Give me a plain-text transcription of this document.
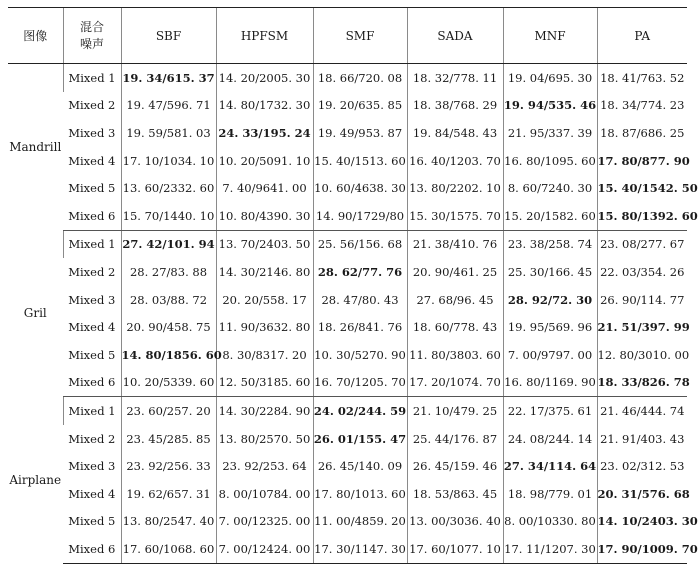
图像	混合
噪声	SBF	HPFSM	SMF	SADA	MNF	PA
Mandrill	Mixed 1	19. 34/615. 37	14. 20/2005. 30	18. 66/720. 08	18. 32/778. 11	19. 04/695. 30	18. 41/763. 52
	Mixed 2	19. 47/596. 71	14. 80/1732. 30	19. 20/635. 85	18. 38/768. 29	19. 94/535. 46	18. 34/774. 23
	Mixed 3	19. 59/581. 03	24. 33/195. 24	19. 49/953. 87	19. 84/548. 43	21. 95/337. 39	18. 87/686. 25
	Mixed 4	17. 10/1034. 10	10. 20/5091. 10	15. 40/1513. 60	16. 40/1203. 70	16. 80/1095. 60	17. 80/877. 90
	Mixed 5	13. 60/2332. 60	7. 40/9641. 00	10. 60/4638. 30	13. 80/2202. 10	8. 60/7240. 30	15. 40/1542. 50
	Mixed 6	15. 70/1440. 10	10. 80/4390. 30	14. 90/1729/80	15. 30/1575. 70	15. 20/1582. 60	15. 80/1392. 60
Gril	Mixed 1	27. 42/101. 94	13. 70/2403. 50	25. 56/156. 68	21. 38/410. 76	23. 38/258. 74	23. 08/277. 67
	Mixed 2	28. 27/83. 88	14. 30/2146. 80	28. 62/77. 76	20. 90/461. 25	25. 30/166. 45	22. 03/354. 26
	Mixed 3	28. 03/88. 72	20. 20/558. 17	28. 47/80. 43	27. 68/96. 45	28. 92/72. 30	26. 90/114. 77
	Mixed 4	20. 90/458. 75	11. 90/3632. 80	18. 26/841. 76	18. 60/778. 43	19. 95/569. 96	21. 51/397. 99
	Mixed 5	14. 80/1856. 60	8. 30/8317. 20	10. 30/5270. 90	11. 80/3803. 60	7. 00/9797. 00	12. 80/3010. 00
	Mixed 6	10. 20/5339. 60	12. 50/3185. 60	16. 70/1205. 70	17. 20/1074. 70	16. 80/1169. 90	18. 33/826. 78
Airplane	Mixed 1	23. 60/257. 20	14. 30/2284. 90	24. 02/244. 59	21. 10/479. 25	22. 17/375. 61	21. 46/444. 74
	Mixed 2	23. 45/285. 85	13. 80/2570. 50	26. 01/155. 47	25. 44/176. 87	24. 08/244. 14	21. 91/403. 43
	Mixed 3	23. 92/256. 33	23. 92/253. 64	26. 45/140. 09	26. 45/159. 46	27. 34/114. 64	23. 02/312. 53
	Mixed 4	19. 62/657. 31	8. 00/10784. 00	17. 80/1013. 60	18. 53/863. 45	18. 98/779. 01	20. 31/576. 68
	Mixed 5	13. 80/2547. 40	7. 00/12325. 00	11. 00/4859. 20	13. 00/3036. 40	8. 00/10330. 80	14. 10/2403. 30
	Mixed 6	17. 60/1068. 60	7. 00/12424. 00	17. 30/1147. 30	17. 60/1077. 10	17. 11/1207. 30	17. 90/1009. 70
